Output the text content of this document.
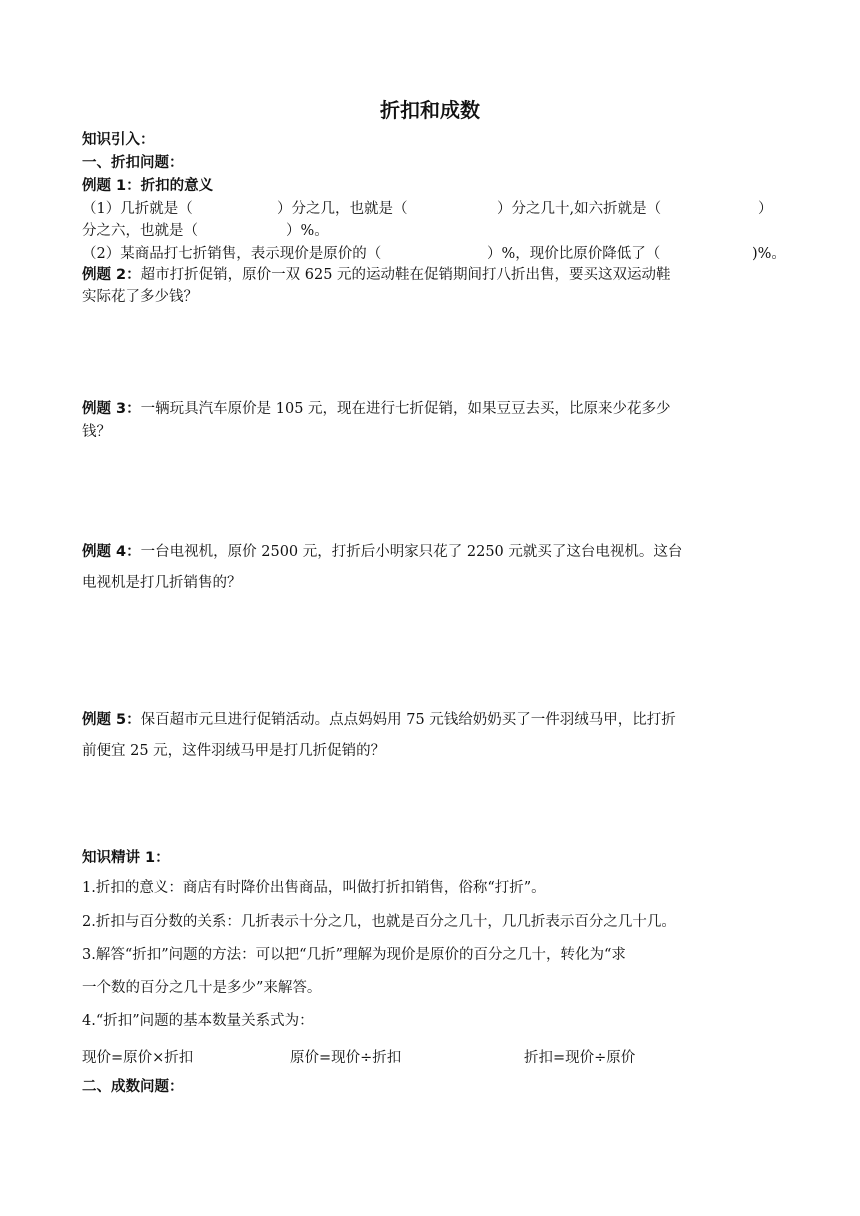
折扣和成数
知识引入：
一、折扣问题：
例题 1：折扣的意义
（1）几折就是（	）分之几，也就是（	）分之几十,如六折就是（	）
分之六，也就是（	）%。
（2）某商品打七折销售，表示现价是原价的（	）%，现价比原价降低了（	)%。
例题 2：超市打折促销，原价一双 625 元的运动鞋在促销期间打八折出售，要买这双运动鞋
实际花了多少钱？
例题 3：一辆玩具汽车原价是 105 元，现在进行七折促销，如果豆豆去买，比原来少花多少
钱？
例题 4：一台电视机，原价 2500 元，打折后小明家只花了 2250 元就买了这台电视机。这台
电视机是打几折销售的？
例题 5：保百超市元旦进行促销活动。点点妈妈用 75 元钱给奶奶买了一件羽绒马甲，比打折
前便宜 25 元，这件羽绒马甲是打几折促销的？
知识精讲 1：
1.折扣的意义：商店有时降价出售商品，叫做打折扣销售，俗称“打折”。
2.折扣与百分数的关系：几折表示十分之几，也就是百分之几十，几几折表示百分之几十几。
3.解答“折扣”问题的方法：可以把“几折”理解为现价是原价的百分之几十，转化为“求
一个数的百分之几十是多少”来解答。
4.“折扣”问题的基本数量关系式为：
现价=原价×折扣	原价=现价÷折扣	折扣=现价÷原价
二、成数问题：
